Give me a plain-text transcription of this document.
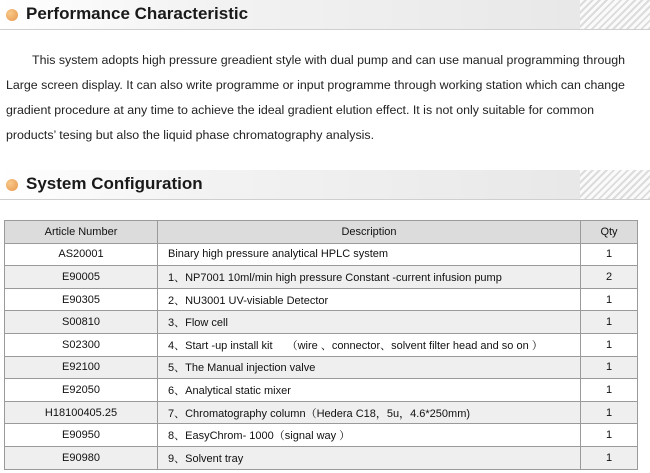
Performance Characteristic

This system adopts high pressure greadient style with dual pump and can use manual programming through Large screen display. It can also write programme or input programme through working station which can change gradient procedure at any time to achieve the ideal gradient elution effect. It is not only suitable for common products’ tesing but also the liquid phase chromatography analysis.

System Configuration
Article Number	Description	Qty
AS20001	Binary high pressure analytical HPLC system	1
E90005	1、NP7001 10ml/min high pressure Constant -current infusion pump	2
E90305	2、NU3001 UV-visiable Detector	1
S00810	3、Flow cell	1
S02300	4、Start -up install kit　 （wire 、connector、solvent filter head and so on ）	1
E92100	5、The Manual injection valve	1
E92050	6、Analytical static mixer	1
H18100405.25	7、Chromatography column（Hedera C18，5u，4.6*250mm)	1
E90950	8、EasyChrom- 1000（signal way ）	1
E90980	9、Solvent tray	1
